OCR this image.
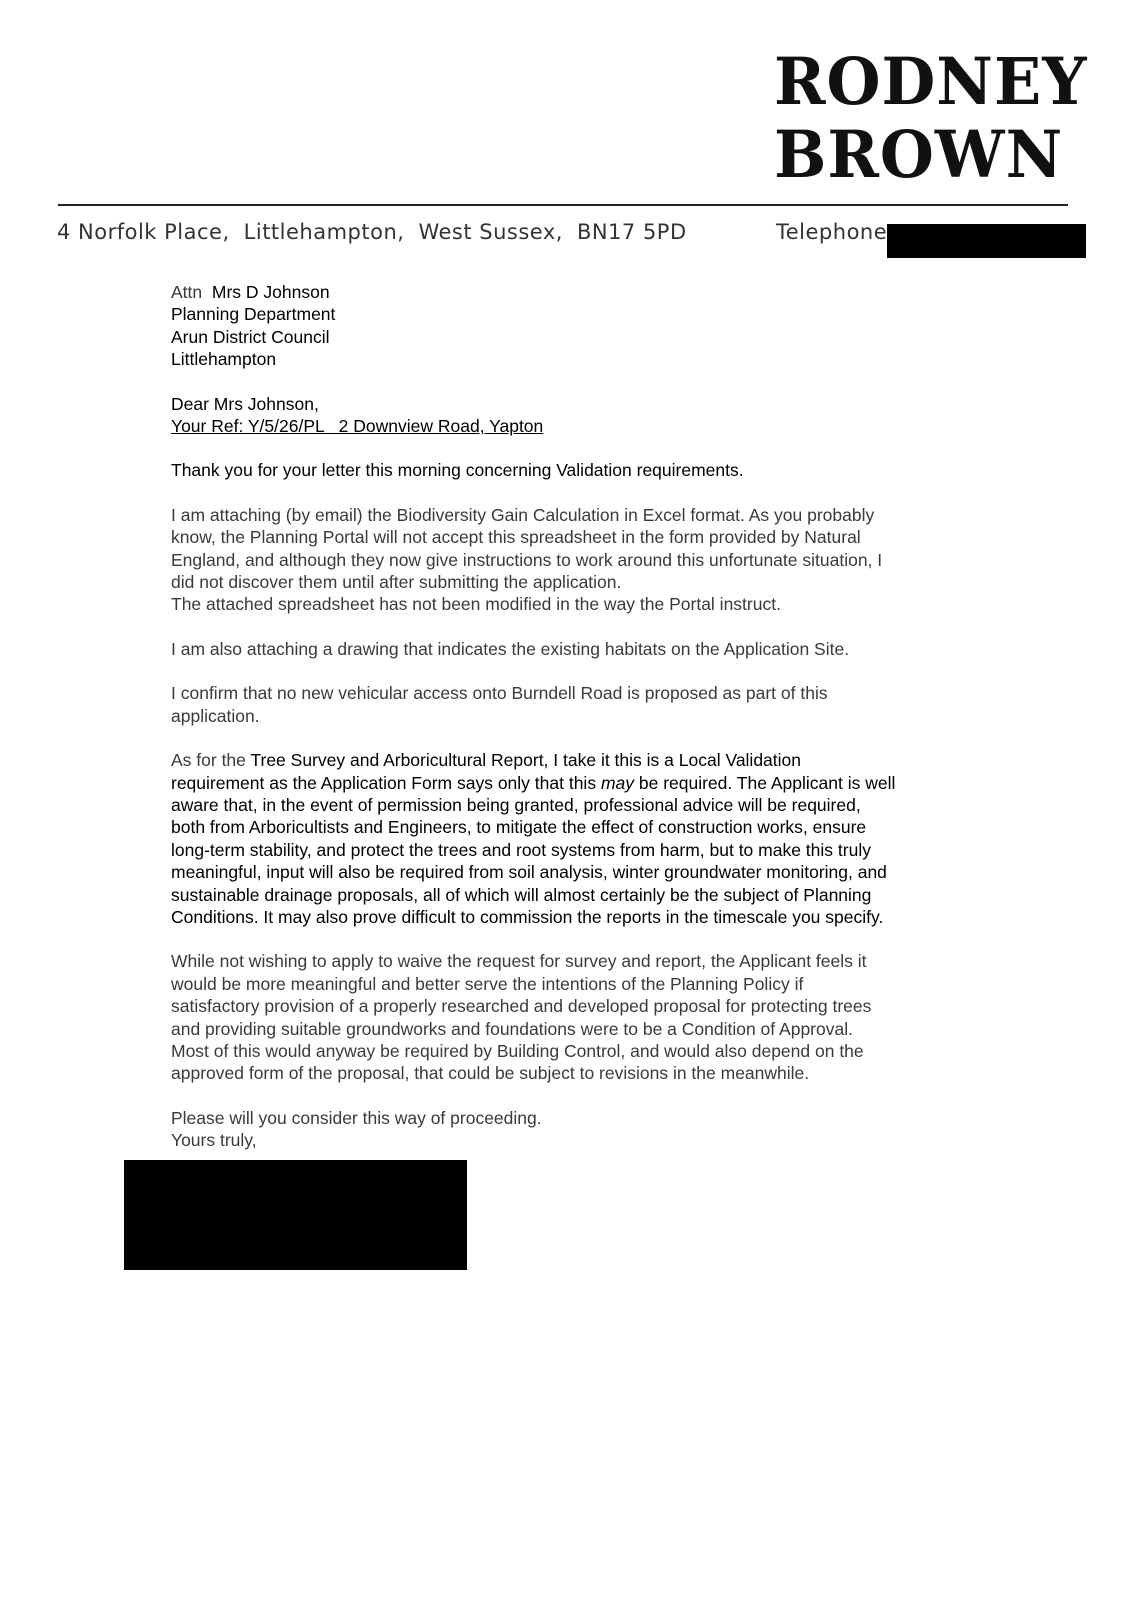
RODNEY
BROWN
4 Norfolk Place, Littlehampton, West Sussex, BN17 5PD	Telephone

Attn Mrs D Johnson

Planning Department

Arun District Council

Littlehampton

Dear Mrs Johnson,

Your Ref: Y/5/26/PL   2 Downview Road, Yapton

Thank you for your letter this morning concerning Validation requirements.

I am attaching (by email) the Biodiversity Gain Calculation in Excel format. As you probably

know, the Planning Portal will not accept this spreadsheet in the form provided by Natural

England, and although they now give instructions to work around this unfortunate situation, I

did not discover them until after submitting the application.

The attached spreadsheet has not been modified in the way the Portal instruct.

I am also attaching a drawing that indicates the existing habitats on the Application Site.

I confirm that no new vehicular access onto Burndell Road is proposed as part of this

application.

As for the Tree Survey and Arboricultural Report, I take it this is a Local Validation

requirement as the Application Form says only that this may be required. The Applicant is well

aware that, in the event of permission being granted, professional advice will be required,

both from Arboricultists and Engineers, to mitigate the effect of construction works, ensure

long-term stability, and protect the trees and root systems from harm, but to make this truly

meaningful, input will also be required from soil analysis, winter groundwater monitoring, and

sustainable drainage proposals, all of which will almost certainly be the subject of Planning

Conditions. It may also prove difficult to commission the reports in the timescale you specify.

While not wishing to apply to waive the request for survey and report, the Applicant feels it

would be more meaningful and better serve the intentions of the Planning Policy if

satisfactory provision of a properly researched and developed proposal for protecting trees

and providing suitable groundworks and foundations were to be a Condition of Approval.

Most of this would anyway be required by Building Control, and would also depend on the

approved form of the proposal, that could be subject to revisions in the meanwhile.

Please will you consider this way of proceeding.

Yours truly,
